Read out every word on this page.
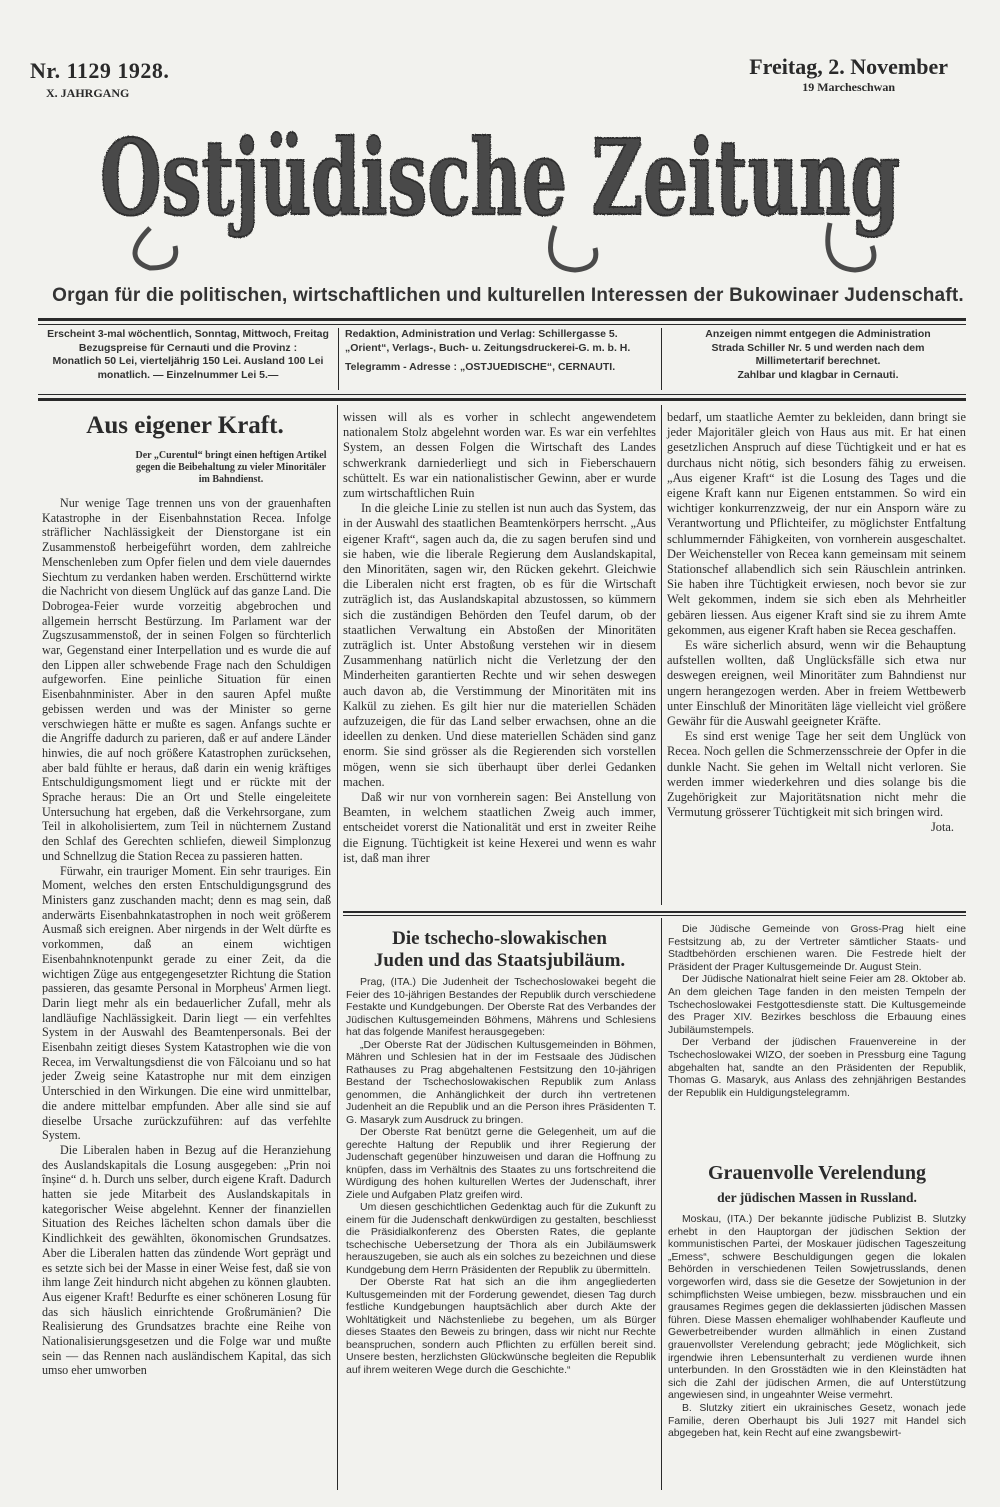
Nr. 1129 1928.
X. JAHRGANG
Freitag, 2. November
19 Marcheschwan
Ostjüdische Zeitung
Organ für die politischen, wirtschaftlichen und kulturellen Interessen der Bukowinaer Judenschaft.
Erscheint 3-mal wöchentlich, Sonntag, Mittwoch, Freitag
Bezugspreise für Cernauti und die Provinz :
Monatlich 50 Lei, vierteljährig 150 Lei. Ausland 100 Lei
monatlich. — Einzelnummer Lei 5.—
Redaktion, Administration und Verlag: Schillergasse 5.
„Orient“, Verlags-, Buch- u. Zeitungsdruckerei-G. m. b. H.
Telegramm - Adresse : „OSTJUEDISCHE“, CERNAUTI.
Anzeigen nimmt entgegen die Administration
Strada Schiller Nr. 5 und werden nach dem
Millimetertarif berechnet.
Zahlbar und klagbar in Cernauti.
Aus eigener Kraft.
Der „Curentul“ bringt einen heftigen Artikel gegen die Beibehaltung zu vieler Minoritäler im Bahndienst.

Nur wenige Tage trennen uns von der grauenhaften Katastrophe in der Eisenbahnstation Recea. Infolge sträflicher Nachlässigkeit der Dienstorgane ist ein Zusammenstoß herbeigeführt worden, dem zahlreiche Menschenleben zum Opfer fielen und dem viele dauerndes Siechtum zu verdanken haben werden. Erschütternd wirkte die Nachricht von diesem Unglück auf das ganze Land. Die Dobrogea-Feier wurde vorzeitig abgebrochen und allgemein herrscht Bestürzung. Im Parlament war der Zugszusammenstoß, der in seinen Folgen so fürchterlich war, Gegenstand einer Interpellation und es wurde die auf den Lippen aller schwebende Frage nach den Schuldigen aufgeworfen. Eine peinliche Situation für einen Eisenbahnminister. Aber in den sauren Apfel mußte gebissen werden und was der Minister so gerne verschwiegen hätte er mußte es sagen. Anfangs suchte er die Angriffe dadurch zu parieren, daß er auf andere Länder hinwies, die auf noch größere Katastrophen zurücksehen, aber bald fühlte er heraus, daß darin ein wenig kräftiges Entschuldigungsmoment liegt und er rückte mit der Sprache heraus: Die an Ort und Stelle eingeleitete Untersuchung hat ergeben, daß die Verkehrsorgane, zum Teil in alkoholisiertem, zum Teil in nüchternem Zustand den Schlaf des Gerechten schliefen, dieweil Simplonzug und Schnellzug die Station Recea zu passieren hatten.

Fürwahr, ein trauriger Moment. Ein sehr trauriges. Ein Moment, welches den ersten Entschuldigungsgrund des Ministers ganz zuschanden macht; denn es mag sein, daß anderwärts Eisenbahnkatastrophen in noch weit größerem Ausmaß sich ereignen. Aber nirgends in der Welt dürfte es vorkommen, daß an einem wichtigen Eisenbahnknotenpunkt gerade zu einer Zeit, da die wichtigen Züge aus entgegengesetzter Richtung die Station passieren, das gesamte Personal in Morpheus' Armen liegt. Darin liegt mehr als ein bedauerlicher Zufall, mehr als landläufige Nachlässigkeit. Darin liegt — ein verfehltes System in der Auswahl des Beamtenpersonals. Bei der Eisenbahn zeitigt dieses System Katastrophen wie die von Recea, im Verwaltungsdienst die von Fălcoianu und so hat jeder Zweig seine Katastrophe nur mit dem einzigen Unterschied in den Wirkungen. Die eine wird unmittelbar, die andere mittelbar empfunden. Aber alle sind sie auf dieselbe Ursache zurückzuführen: auf das verfehlte System.

Die Liberalen haben in Bezug auf die Heranziehung des Auslandskapitals die Losung ausgegeben: „Prin noi înșine“ d. h. Durch uns selber, durch eigene Kraft. Dadurch hatten sie jede Mitarbeit des Auslandskapitals in kategorischer Weise abgelehnt. Kenner der finanziellen Situation des Reiches lächelten schon damals über die Kindlichkeit des gewählten, ökonomischen Grundsatzes. Aber die Liberalen hatten das zündende Wort geprägt und es setzte sich bei der Masse in einer Weise fest, daß sie von ihm lange Zeit hindurch nicht abgehen zu können glaubten. Aus eigener Kraft! Bedurfte es einer schöneren Losung für das sich häuslich einrichtende Großrumänien? Die Realisierung des Grundsatzes brachte eine Reihe von Nationalisierungsgesetzen und die Folge war und mußte sein — das Rennen nach ausländischem Kapital, das sich umso eher umworben

wissen will als es vorher in schlecht angewendetem nationalem Stolz abgelehnt worden war. Es war ein verfehltes System, an dessen Folgen die Wirtschaft des Landes schwerkrank darniederliegt und sich in Fieberschauern schüttelt. Es war ein nationalistischer Gewinn, aber er wurde zum wirtschaftlichen Ruin

In die gleiche Linie zu stellen ist nun auch das System, das in der Auswahl des staatlichen Beamtenkörpers herrscht. „Aus eigener Kraft“, sagen auch da, die zu sagen berufen sind und sie haben, wie die liberale Regierung dem Auslandskapital, den Minoritäten, sagen wir, den Rücken gekehrt. Gleichwie die Liberalen nicht erst fragten, ob es für die Wirtschaft zuträglich ist, das Auslandskapital abzustossen, so kümmern sich die zuständigen Behörden den Teufel darum, ob der staatlichen Verwaltung ein Abstoßen der Minoritäten zuträglich ist. Unter Abstoßung verstehen wir in diesem Zusammenhang natürlich nicht die Verletzung der den Minderheiten garantierten Rechte und wir sehen deswegen auch davon ab, die Verstimmung der Minoritäten mit ins Kalkül zu ziehen. Es gilt hier nur die materiellen Schäden aufzuzeigen, die für das Land selber erwachsen, ohne an die ideellen zu denken. Und diese materiellen Schäden sind ganz enorm. Sie sind grösser als die Regierenden sich vorstellen mögen, wenn sie sich überhaupt über derlei Gedanken machen.

Daß wir nur von vornherein sagen: Bei Anstellung von Beamten, in welchem staatlichen Zweig auch immer, entscheidet vorerst die Nationalität und erst in zweiter Reihe die Eignung. Tüchtigkeit ist keine Hexerei und wenn es wahr ist, daß man ihrer

bedarf, um staatliche Aemter zu bekleiden, dann bringt sie jeder Majoritäler gleich von Haus aus mit. Er hat einen gesetzlichen Anspruch auf diese Tüchtigkeit und er hat es durchaus nicht nötig, sich besonders fähig zu erweisen. „Aus eigener Kraft“ ist die Losung des Tages und die eigene Kraft kann nur Eigenen entstammen. So wird ein wichtiger konkurrenzzweig, der nur ein Ansporn wäre zu Verantwortung und Pflichteifer, zu möglichster Entfaltung schlummernder Fähigkeiten, von vornherein ausgeschaltet. Der Weichensteller von Recea kann gemeinsam mit seinem Stationschef allabendlich sich sein Räuschlein antrinken. Sie haben ihre Tüchtigkeit erwiesen, noch bevor sie zur Welt gekommen, indem sie sich eben als Mehrheitler gebären liessen. Aus eigener Kraft sind sie zu ihrem Amte gekommen, aus eigener Kraft haben sie Recea geschaffen.

Es wäre sicherlich absurd, wenn wir die Behauptung aufstellen wollten, daß Unglücksfälle sich etwa nur deswegen ereignen, weil Minoritäter zum Bahndienst nur ungern herangezogen werden. Aber in freiem Wettbewerb unter Einschluß der Minoritäten läge vielleicht viel größere Gewähr für die Auswahl geeigneter Kräfte.

Es sind erst wenige Tage her seit dem Unglück von Recea. Noch gellen die Schmerzensschreie der Opfer in die dunkle Nacht. Sie gehen im Weltall nicht verloren. Sie werden immer wiederkehren und dies solange bis die Zugehörigkeit zur Majoritätsnation nicht mehr die Vermutung grösserer Tüchtigkeit mit sich bringen wird.

Jota.
Die tschecho-slowakischen
Juden und das Staatsjubiläum.

Prag, (ITA.) Die Judenheit der Tschechoslowakei begeht die Feier des 10-jährigen Bestandes der Republik durch verschiedene Festakte und Kundgebungen. Der Oberste Rat des Verbandes der Jüdischen Kultusgemeinden Böhmens, Mährens und Schlesiens hat das folgende Manifest herausgegeben:

„Der Oberste Rat der Jüdischen Kultusgemeinden in Böhmen, Mähren und Schlesien hat in der im Festsaale des Jüdischen Rathauses zu Prag abgehaltenen Festsitzung den 10-jährigen Bestand der Tschechoslowakischen Republik zum Anlass genommen, die Anhänglichkeit der durch ihn vertretenen Judenheit an die Republik und an die Person ihres Präsidenten T. G. Masaryk zum Ausdruck zu bringen.

Der Oberste Rat benützt gerne die Gelegenheit, um auf die gerechte Haltung der Republik und ihrer Regierung der Judenschaft gegenüber hinzuweisen und daran die Hoffnung zu knüpfen, dass im Verhältnis des Staates zu uns fortschreitend die Würdigung des hohen kulturellen Wertes der Judenschaft, ihrer Ziele und Aufgaben Platz greifen wird.

Um diesen geschichtlichen Gedenktag auch für die Zukunft zu einem für die Judenschaft denkwürdigen zu gestalten, beschliesst die Präsidialkonferenz des Obersten Rates, die geplante tschechische Uebersetzung der Thora als ein Jubiläumswerk herauszugeben, sie auch als ein solches zu bezeichnen und diese Kundgebung dem Herrn Präsidenten der Republik zu übermitteln.

Der Oberste Rat hat sich an die ihm angegliederten Kultusgemeinden mit der Forderung gewendet, diesen Tag durch festliche Kundgebungen hauptsächlich aber durch Akte der Wohltätigkeit und Nächstenliebe zu begehen, um als Bürger dieses Staates den Beweis zu bringen, dass wir nicht nur Rechte beanspruchen, sondern auch Pflichten zu erfüllen bereit sind. Unsere besten, herzlichsten Glückwünsche begleiten die Republik auf ihrem weiteren Wege durch die Geschichte.“

Die Jüdische Gemeinde von Gross-Prag hielt eine Festsitzung ab, zu der Vertreter sämtlicher Staats- und Stadtbehörden erschienen waren. Die Festrede hielt der Präsident der Prager Kultusgemeinde Dr. August Stein.

Der Jüdische Nationalrat hielt seine Feier am 28. Oktober ab. An dem gleichen Tage fanden in den meisten Tempeln der Tschechoslowakei Festgottesdienste statt. Die Kultusgemeinde des Prager XIV. Bezirkes beschloss die Erbauung eines Jubiläumstempels.

Der Verband der jüdischen Frauenvereine in der Tschechoslowakei WIZO, der soeben in Pressburg eine Tagung abgehalten hat, sandte an den Präsidenten der Republik, Thomas G. Masaryk, aus Anlass des zehnjährigen Bestandes der Republik ein Huldigungstelegramm.

Grauenvolle Verelendung
der jüdischen Massen in Russland.

Moskau, (ITA.) Der bekannte jüdische Publizist B. Slutzky erhebt in den Hauptorgan der jüdischen Sektion der kommunistischen Partei, der Moskauer jüdischen Tageszeitung „Emess“, schwere Beschuldigungen gegen die lokalen Behörden in verschiedenen Teilen Sowjetrusslands, denen vorgeworfen wird, dass sie die Gesetze der Sowjetunion in der schimpflichsten Weise umbiegen, bezw. missbrauchen und ein grausames Regimes gegen die deklassierten jüdischen Massen führen. Diese Massen ehemaliger wohlhabender Kaufleute und Gewerbetreibender wurden allmählich in einen Zustand grauenvollster Verelendung gebracht; jede Möglichkeit, sich irgendwie ihren Lebensunterhalt zu verdienen wurde ihnen unterbunden. In den Grosstädten wie in den Kleinstädten hat sich die Zahl der jüdischen Armen, die auf Unterstützung angewiesen sind, in ungeahnter Weise vermehrt.

B. Slutzky zitiert ein ukrainisches Gesetz, wonach jede Familie, deren Oberhaupt bis Juli 1927 mit Handel sich abgegeben hat, kein Recht auf eine zwangsbewirt-
